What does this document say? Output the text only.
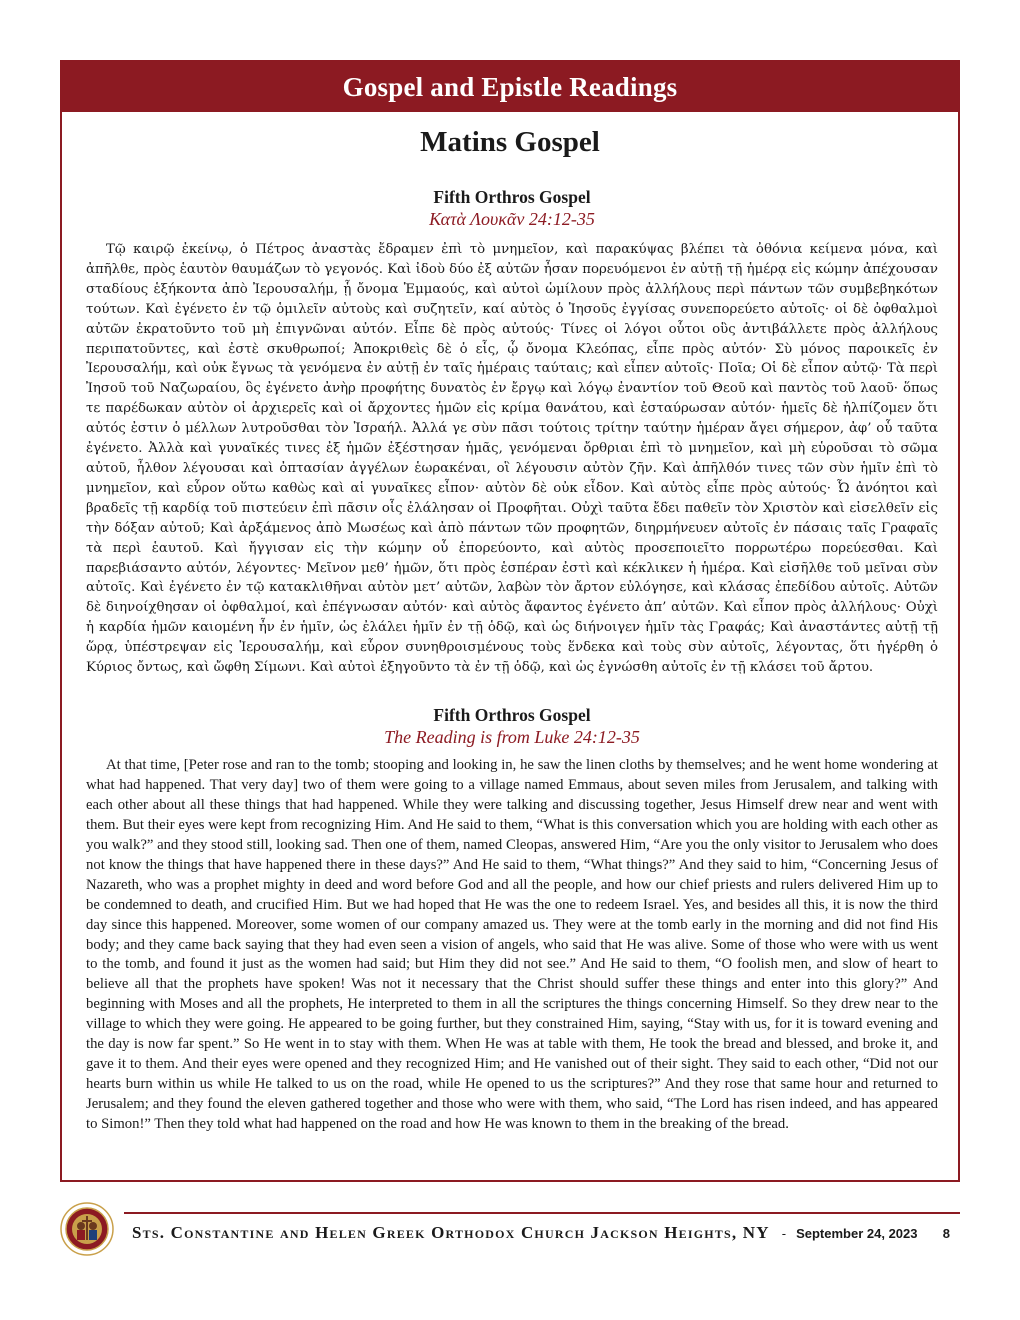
Gospel and Epistle Readings
Matins Gospel
Fifth Orthros Gospel
Κατὰ Λουκᾶν 24:12-35
Τῷ καιρῷ ἐκείνῳ, ὁ Πέτρος ἀναστὰς ἔδραμεν ἐπὶ τὸ μνημεῖον, καὶ παρακύψας βλέπει τὰ ὀθόνια κείμενα μόνα, καὶ ἀπῆλθε, πρὸς ἑαυτὸν θαυμάζων τὸ γεγονός. Καὶ ἰδοὺ δύο ἐξ αὐτῶν ἦσαν πορευόμενοι ἐν αὐτῇ τῇ ἡμέρᾳ εἰς κώμην ἀπέχουσαν σταδίους ἑξήκοντα ἀπὸ Ἰερουσαλήμ, ᾗ ὄνομα Ἐμμαούς, καὶ αὐτοὶ ὡμίλουν πρὸς ἀλλήλους περὶ πάντων τῶν συμβεβηκότων τούτων. Καὶ ἐγένετο ἐν τῷ ὁμιλεῖν αὐτοὺς καὶ συζητεῖν, καί αὐτὸς ὁ Ἰησοῦς ἐγγίσας συνεπορεύετο αὐτοῖς· οἱ δὲ ὀφθαλμοὶ αὐτῶν ἐκρατοῦντο τοῦ μὴ ἐπιγνῶναι αὐτόν. Εἶπε δὲ πρὸς αὐτούς· Τίνες οἱ λόγοι οὗτοι οὓς ἀντιβάλλετε πρὸς ἀλλήλους περιπατοῦντες, καὶ ἐστὲ σκυθρωποί; Ἀποκριθεὶς δὲ ὁ εἷς, ᾧ ὄνομα Κλεόπας, εἶπε πρὸς αὐτόν· Σὺ μόνος παροικεῖς ἐν Ἰερουσαλήμ, καὶ οὐκ ἔγνως τὰ γενόμενα ἐν αὐτῇ ἐν ταῖς ἡμέραις ταύταις; καὶ εἶπεν αὐτοῖς· Ποῖα; Οἱ δὲ εἶπον αὐτῷ· Τὰ περὶ Ἰησοῦ τοῦ Ναζωραίου, ὃς ἐγένετο ἀνὴρ προφήτης δυνατὸς ἐν ἔργῳ καὶ λόγῳ ἐναντίον τοῦ Θεοῦ καὶ παντὸς τοῦ λαοῦ· ὅπως τε παρέδωκαν αὐτὸν οἱ ἀρχιερεῖς καὶ οἱ ἄρχοντες ἡμῶν εἰς κρίμα θανάτου, καὶ ἐσταύρωσαν αὐτόν· ἡμεῖς δὲ ἠλπίζομεν ὅτι αὐτός ἐστιν ὁ μέλλων λυτροῦσθαι τὸν Ἰσραήλ. Ἀλλά γε σὺν πᾶσι τούτοις τρίτην ταύτην ἡμέραν ἄγει σήμερον, ἀφ’ οὗ ταῦτα ἐγένετο. Ἀλλὰ καὶ γυναῖκές τινες ἐξ ἡμῶν ἐξέστησαν ἡμᾶς, γενόμεναι ὄρθριαι ἐπὶ τὸ μνημεῖον, καὶ μὴ εὑροῦσαι τὸ σῶμα αὐτοῦ, ἦλθον λέγουσαι καὶ ὀπτασίαν ἀγγέλων ἑωρακέναι, οἳ λέγουσιν αὐτὸν ζῆν. Καὶ ἀπῆλθόν τινες τῶν σὺν ἡμῖν ἐπὶ τὸ μνημεῖον, καὶ εὗρον οὕτω καθὼς καὶ αἱ γυναῖκες εἶπον· αὐτὸν δὲ οὐκ εἶδον. Καὶ αὐτὸς εἶπε πρὸς αὐτούς· Ὦ ἀνόητοι καὶ βραδεῖς τῇ καρδίᾳ τοῦ πιστεύειν ἐπὶ πᾶσιν οἷς ἐλάλησαν οἱ Προφῆται. Οὐχὶ ταῦτα ἔδει παθεῖν τὸν Χριστὸν καὶ εἰσελθεῖν εἰς τὴν δόξαν αὐτοῦ; Καὶ ἀρξάμενος ἀπὸ Μωσέως καὶ ἀπὸ πάντων τῶν προφητῶν, διηρμήνευεν αὐτοῖς ἐν πάσαις ταῖς Γραφαῖς τὰ περὶ ἑαυτοῦ. Καὶ ἤγγισαν εἰς τὴν κώμην οὗ ἐπορεύοντο, καὶ αὐτὸς προσεποιεῖτο πορρωτέρω πορεύεσθαι. Καὶ παρεβιάσαντο αὐτόν, λέγοντες· Μεῖνον μεθ’ ἡμῶν, ὅτι πρὸς ἑσπέραν ἐστὶ καὶ κέκλικεν ἡ ἡμέρα. Καὶ εἰσῆλθε τοῦ μεῖναι σὺν αὐτοῖς. Καὶ ἐγένετο ἐν τῷ κατακλιθῆναι αὐτὸν μετ’ αὐτῶν, λαβὼν τὸν ἄρτον εὐλόγησε, καὶ κλάσας ἐπεδίδου αὐτοῖς. Αὐτῶν δὲ διηνοίχθησαν οἱ ὀφθαλμοί, καὶ ἐπέγνωσαν αὐτόν· καὶ αὐτὸς ἄφαντος ἐγένετο ἀπ’ αὐτῶν. Καὶ εἶπον πρὸς ἀλλήλους· Οὐχὶ ἡ καρδία ἡμῶν καιομένη ἦν ἐν ἡμῖν, ὡς ἐλάλει ἡμῖν ἐν τῇ ὁδῷ, καὶ ὡς διήνοιγεν ἡμῖν τὰς Γραφάς; Καὶ ἀναστάντες αὐτῇ τῇ ὥρᾳ, ὑπέστρεψαν εἰς Ἰερουσαλήμ, καὶ εὗρον συνηθροισμένους τοὺς ἕνδεκα καὶ τοὺς σὺν αὐτοῖς, λέγοντας, ὅτι ἠγέρθη ὁ Κύριος ὄντως, καὶ ὤφθη Σίμωνι. Καὶ αὐτοὶ ἐξηγοῦντο τὰ ἐν τῇ ὁδῷ, καὶ ὡς ἐγνώσθη αὐτοῖς ἐν τῇ κλάσει τοῦ ἄρτου.
Fifth Orthros Gospel
The Reading is from Luke 24:12-35
At that time, [Peter rose and ran to the tomb; stooping and looking in, he saw the linen cloths by themselves; and he went home wondering at what had happened. That very day] two of them were going to a village named Emmaus, about seven miles from Jerusalem, and talking with each other about all these things that had happened. While they were talking and discussing together, Jesus Himself drew near and went with them. But their eyes were kept from recognizing Him. And He said to them, “What is this conversation which you are holding with each other as you walk?” and they stood still, looking sad. Then one of them, named Cleopas, answered Him, “Are you the only visitor to Jerusalem who does not know the things that have happened there in these days?” And He said to them, “What things?” And they said to him, “Concerning Jesus of Nazareth, who was a prophet mighty in deed and word before God and all the people, and how our chief priests and rulers delivered Him up to be condemned to death, and crucified Him. But we had hoped that He was the one to redeem Israel. Yes, and besides all this, it is now the third day since this happened. Moreover, some women of our company amazed us. They were at the tomb early in the morning and did not find His body; and they came back saying that they had even seen a vision of angels, who said that He was alive. Some of those who were with us went to the tomb, and found it just as the women had said; but Him they did not see.” And He said to them, “O foolish men, and slow of heart to believe all that the prophets have spoken! Was not it necessary that the Christ should suffer these things and enter into this glory?” And beginning with Moses and all the prophets, He interpreted to them in all the scriptures the things concerning Himself. So they drew near to the village to which they were going. He appeared to be going further, but they constrained Him, saying, “Stay with us, for it is toward evening and the day is now far spent.” So He went in to stay with them. When He was at table with them, He took the bread and blessed, and broke it, and gave it to them. And their eyes were opened and they recognized Him; and He vanished out of their sight. They said to each other, “Did not our hearts burn within us while He talked to us on the road, while He opened to us the scriptures?” And they rose that same hour and returned to Jerusalem; and they found the eleven gathered together and those who were with them, who said, “The Lord has risen indeed, and has appeared to Simon!” Then they told what had happened on the road and how He was known to them in the breaking of the bread.
Sts. Constantine and Helen Greek Orthodox Church Jackson Heights, NY - September 24, 2023 8
